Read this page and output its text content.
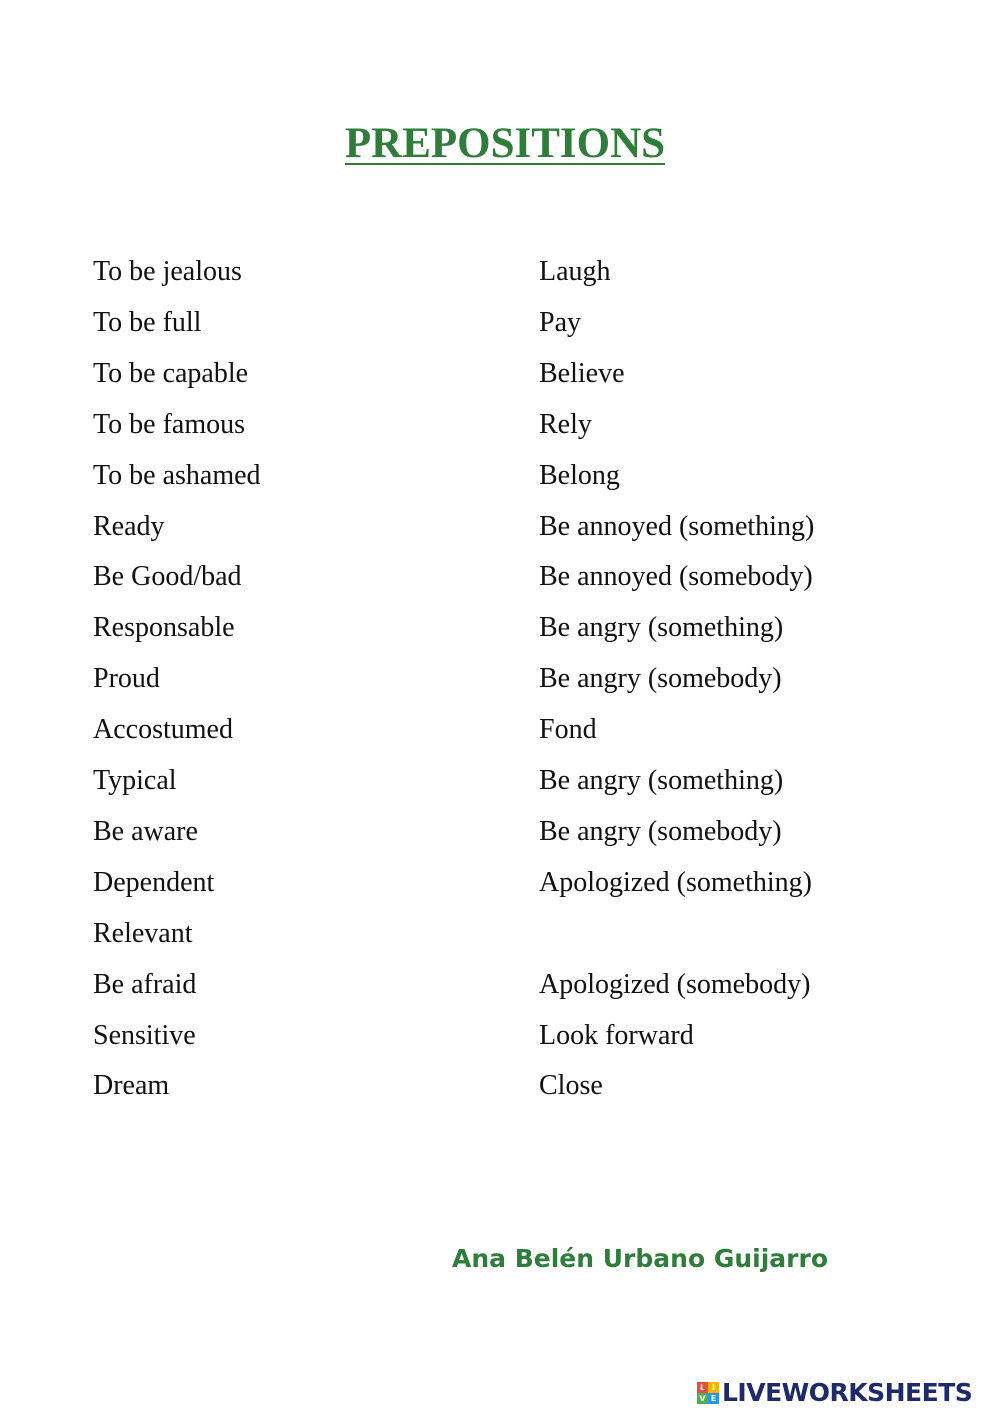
PREPOSITIONS
To be jealous	Laugh
To be full	Pay
To be capable	Believe
To be famous	Rely
To be ashamed	Belong
Ready	Be annoyed (something)
Be Good/bad	Be annoyed (somebody)
Responsable	Be angry (something)
Proud	Be angry (somebody)
Accostumed	Fond
Typical	Be angry (something)
Be aware	Be angry (somebody)
Dependent	Apologized (something)
Relevant
Be afraid	Apologized (somebody)
Sensitive	Look forward
Dream	Close
Ana Belén Urbano Guijarro
L I
V E LIVEWORKSHEETS
